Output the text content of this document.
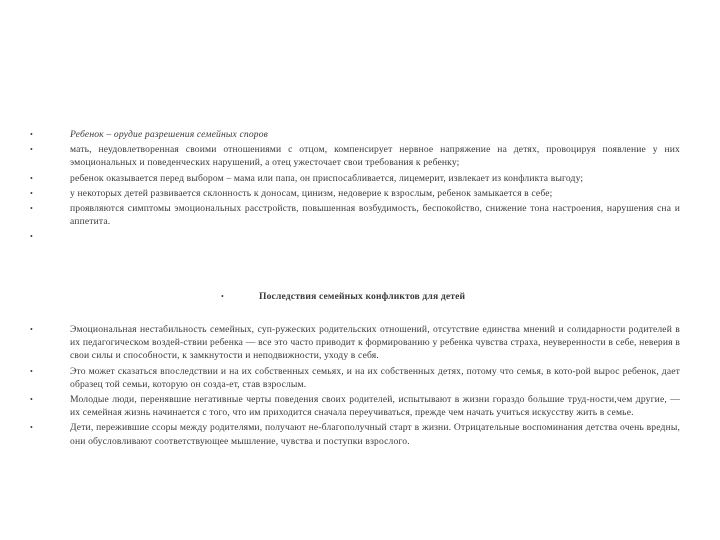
•	Ребенок – орудие разрешения семейных споров
•	мать, неудовлетворенная своими отношениями с отцом, компенсирует нервное напряжение на детях, провоцируя появление у них эмоциональных и поведенческих нарушений, а отец ужесточает свои требования к ребенку;
•	ребенок оказывается перед выбором – мама или папа, он приспосабливается, лицемерит, извлекает из конфликта выгоду;
•	у некоторых детей развивается склонность к доносам, цинизм, недоверие к взрослым, ребенок замыкается в себе;
•	проявляются симптомы эмоциональных расстройств, повышенная возбудимость, беспокойство, снижение тона настроения, нарушения сна и аппетита.
•
•	Последствия семейных конфликтов для детей
•	Эмоциональная нестабильность семейных, суп-ружеских родительских отношений, отсутствие единства мнений и солидарности родителей в их педагогическом воздей-ствии ребенка — все это часто приводит к формированию у ребенка чувства страха, неуверенности в себе, неверия в свои силы и способности, к замкнутости и неподвижности, уходу в себя.
•	Это может сказаться впоследствии и на их собственных семьях, и на их собственных детях, потому что семья, в кото-рой вырос ребенок, дает образец той семьи, которую он созда-ет, став взрослым.
•	Молодые люди, перенявшие негативные черты поведения своих родителей, испытывают в жизни гораздо большие труд-ности,чем другие, — их семейная жизнь начинается с того, что им приходится сначала переучиваться, прежде чем начать учиться искусству жить в семье.
•	Дети, пережившие ссоры между родителями, получают не-благополучный старт в жизни. Отрицательные воспоминания детства очень вредны, они обусловливают соответствующее мышление, чувства и поступки взрослого.
